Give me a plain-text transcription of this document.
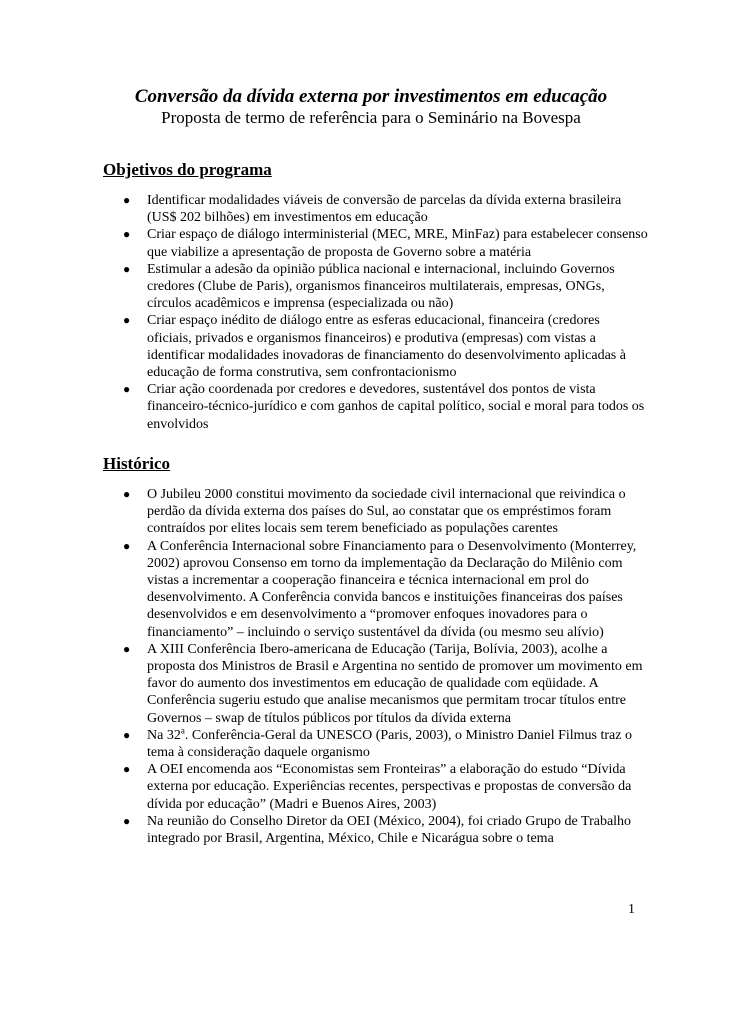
Conversão da dívida externa por investimentos em educação
Proposta de termo de referência para o Seminário na Bovespa
Objetivos do programa
● Identificar modalidades viáveis de conversão de parcelas da dívida externa brasileira (US$ 202 bilhões) em investimentos em educação
● Criar espaço de diálogo interministerial (MEC, MRE, MinFaz) para estabelecer consenso que viabilize a apresentação de proposta de Governo sobre a matéria
● Estimular a adesão da opinião pública nacional e internacional, incluindo Governos credores (Clube de Paris), organismos financeiros multilaterais, empresas, ONGs, círculos acadêmicos e imprensa (especializada ou não)
● Criar espaço inédito de diálogo entre as esferas educacional, financeira (credores oficiais, privados e organismos financeiros) e produtiva (empresas) com vistas a identificar modalidades inovadoras de financiamento do desenvolvimento aplicadas à educação de forma construtiva, sem confrontacionismo
● Criar ação coordenada por credores e devedores, sustentável dos pontos de vista financeiro-técnico-jurídico e com ganhos de capital político, social e moral para todos os envolvidos
Histórico
● O Jubileu 2000 constitui movimento da sociedade civil internacional que reivindica o perdão da dívida externa dos países do Sul, ao constatar que os empréstimos foram contraídos por elites locais sem terem beneficiado as populações carentes
● A Conferência Internacional sobre Financiamento para o Desenvolvimento (Monterrey, 2002) aprovou Consenso em torno da implementação da Declaração do Milênio com vistas a incrementar a cooperação financeira e técnica internacional em prol do desenvolvimento. A Conferência convida bancos e instituições financeiras dos países desenvolvidos e em desenvolvimento a “promover enfoques inovadores para o financiamento” – incluindo o serviço sustentável da dívida (ou mesmo seu alívio)
● A XIII Conferência Ibero-americana de Educação (Tarija, Bolívia, 2003), acolhe a proposta dos Ministros de Brasil e Argentina no sentido de promover um movimento em favor do aumento dos investimentos em educação de qualidade com eqüidade. A Conferência sugeriu estudo que analise mecanismos que permitam trocar títulos entre Governos – swap de títulos públicos por títulos da dívida externa
● Na 32$^a$. Conferência-Geral da UNESCO (Paris, 2003), o Ministro Daniel Filmus traz o tema à consideração daquele organismo
● A OEI encomenda aos “Economistas sem Fronteiras” a elaboração do estudo “Dívida externa por educação. Experiências recentes, perspectivas e propostas de conversão da dívida por educação” (Madri e Buenos Aires, 2003)
● Na reunião do Conselho Diretor da OEI (México, 2004), foi criado Grupo de Trabalho integrado por Brasil, Argentina, México, Chile e Nicarágua sobre o tema
1
